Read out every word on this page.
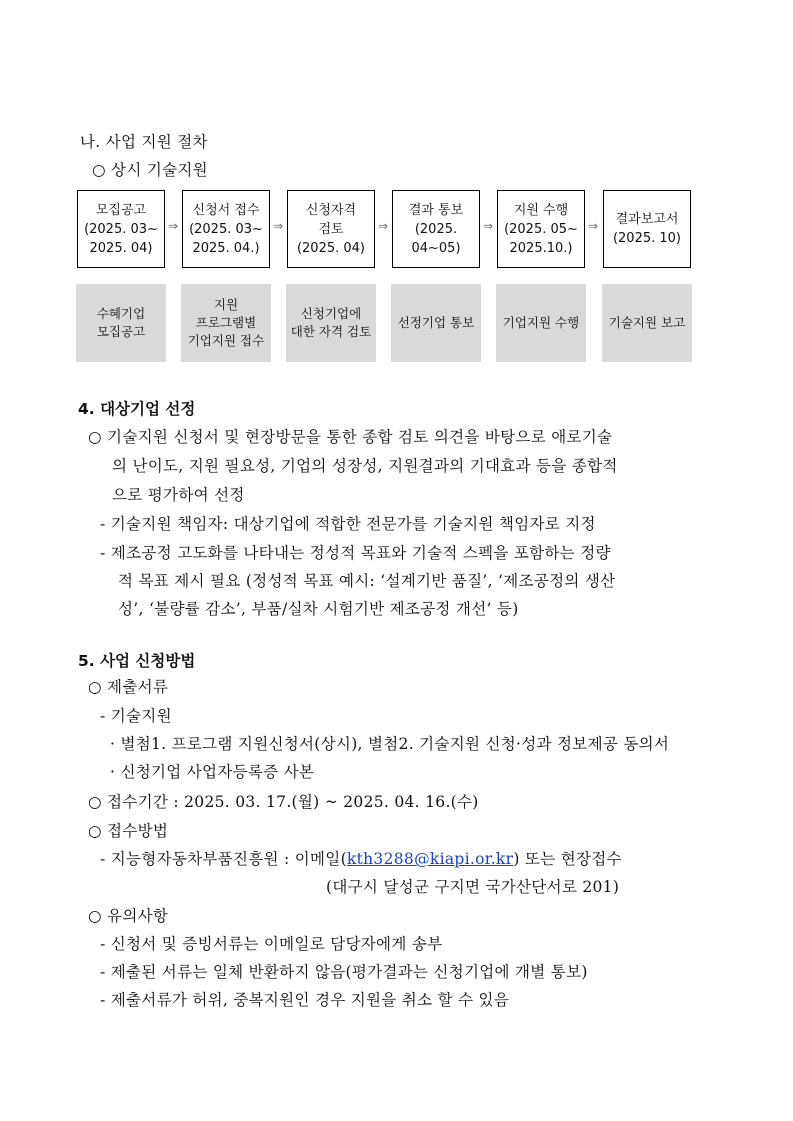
나. 사업 지원 절차
○ 상시 기술지원
모집공고
(2025. 03~
2025. 04)
⇒
신청서 접수
(2025. 03~
2025. 04.)
⇒
신청자격
검토
(2025. 04)
⇒
결과 통보
(2025. 04~05)
⇒
지원 수행
(2025. 05~
2025.10.)
⇒ 결과보고서
(2025. 10)
수혜기업
모집공고
지원
프로그램별
기업지원 접수
신청기업에
대한 자격 검토
선정기업 통보 기업지원 수행 기술지원 보고
4. 대상기업 선정
○ 기술지원 신청서 및 현장방문을 통한 종합 검토 의견을 바탕으로 애로기술
의 난이도, 지원 필요성, 기업의 성장성, 지원결과의 기대효과 등을 종합적
으로 평가하여 선정
- 기술지원 책임자: 대상기업에 적합한 전문가를 기술지원 책임자로 지정
- 제조공정 고도화를 나타내는 정성적 목표와 기술적 스펙을 포함하는 정량
적 목표 제시 필요 (정성적 목표 예시: ‘설계기반 품질’, ‘제조공정의 생산
성’, ‘불량률 감소’, 부품/실차 시험기반 제조공정 개선’ 등)
5. 사업 신청방법
○ 제출서류
- 기술지원
· 별첨1. 프로그램 지원신청서(상시), 별첨2. 기술지원 신청·성과 정보제공 동의서
· 신청기업 사업자등록증 사본
○ 접수기간 : 2025. 03. 17.(월) ~ 2025. 04. 16.(수)
○ 접수방법
- 지능형자동차부품진흥원 : 이메일(kth3288@kiapi.or.kr) 또는 현장접수
(대구시 달성군 구지면 국가산단서로 201)
○ 유의사항
- 신청서 및 증빙서류는 이메일로 담당자에게 송부
- 제출된 서류는 일체 반환하지 않음(평가결과는 신청기업에 개별 통보)
- 제출서류가 허위, 중복지원인 경우 지원을 취소 할 수 있음
